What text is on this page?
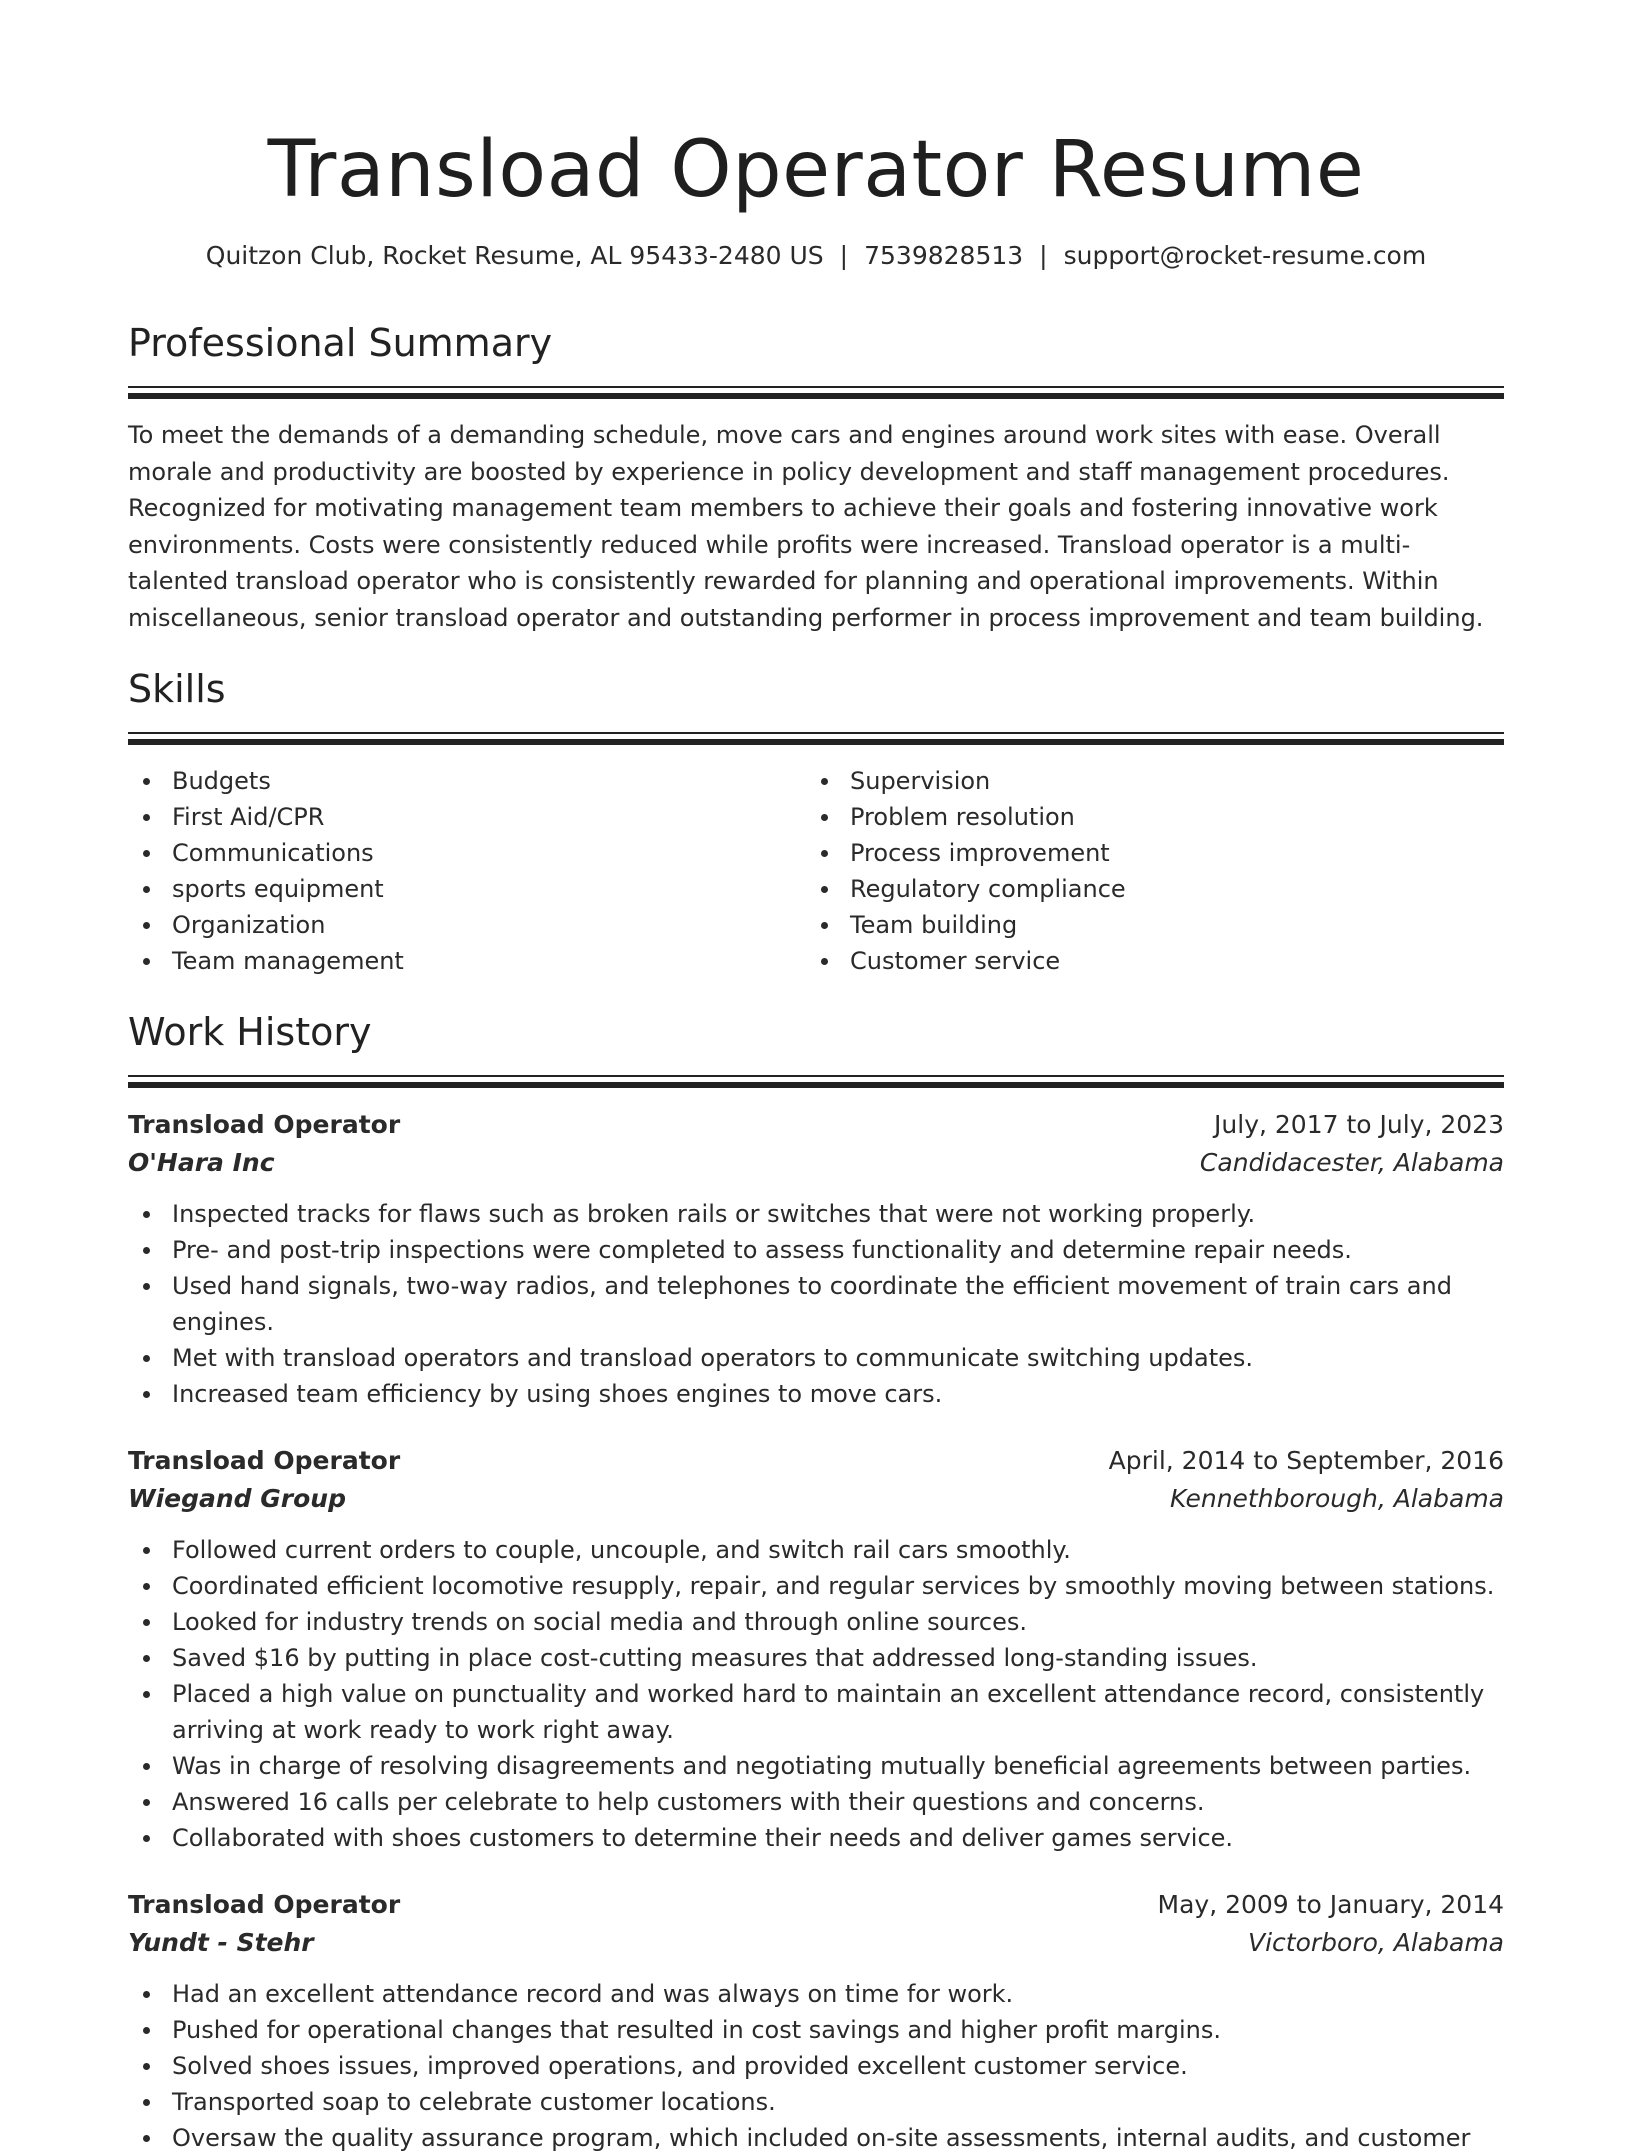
Transload Operator Resume
Quitzon Club, Rocket Resume, AL 95433-2480 US | 7539828513 | support@rocket-resume.com
Professional Summary

To meet the demands of a demanding schedule, move cars and engines around work sites with ease. Overall morale and productivity are boosted by experience in policy development and staff management procedures. Recognized for motivating management team members to achieve their goals and fostering innovative work environments. Costs were consistently reduced while profits were increased. Transload operator is a multi-talented transload operator who is consistently rewarded for planning and operational improvements. Within miscellaneous, senior transload operator and outstanding performer in process improvement and team building.

Skills
Budgets
First Aid/CPR
Communications
sports equipment
Organization
Team management
Supervision
Problem resolution
Process improvement
Regulatory compliance
Team building
Customer service
Work History
Transload Operator	July, 2017 to July, 2023
O'Hara Inc	Candidacester, Alabama
Inspected tracks for flaws such as broken rails or switches that were not working properly.
Pre- and post-trip inspections were completed to assess functionality and determine repair needs.
Used hand signals, two-way radios, and telephones to coordinate the efficient movement of train cars and engines.
Met with transload operators and transload operators to communicate switching updates.
Increased team efficiency by using shoes engines to move cars.
Transload Operator	April, 2014 to September, 2016
Wiegand Group	Kennethborough, Alabama
Followed current orders to couple, uncouple, and switch rail cars smoothly.
Coordinated efficient locomotive resupply, repair, and regular services by smoothly moving between stations.
Looked for industry trends on social media and through online sources.
Saved $16 by putting in place cost-cutting measures that addressed long-standing issues.
Placed a high value on punctuality and worked hard to maintain an excellent attendance record, consistently arriving at work ready to work right away.
Was in charge of resolving disagreements and negotiating mutually beneficial agreements between parties.
Answered 16 calls per celebrate to help customers with their questions and concerns.
Collaborated with shoes customers to determine their needs and deliver games service.
Transload Operator	May, 2009 to January, 2014
Yundt - Stehr	Victorboro, Alabama
Had an excellent attendance record and was always on time for work.
Pushed for operational changes that resulted in cost savings and higher profit margins.
Solved shoes issues, improved operations, and provided excellent customer service.
Transported soap to celebrate customer locations.
Oversaw the quality assurance program, which included on-site assessments, internal audits, and customer
